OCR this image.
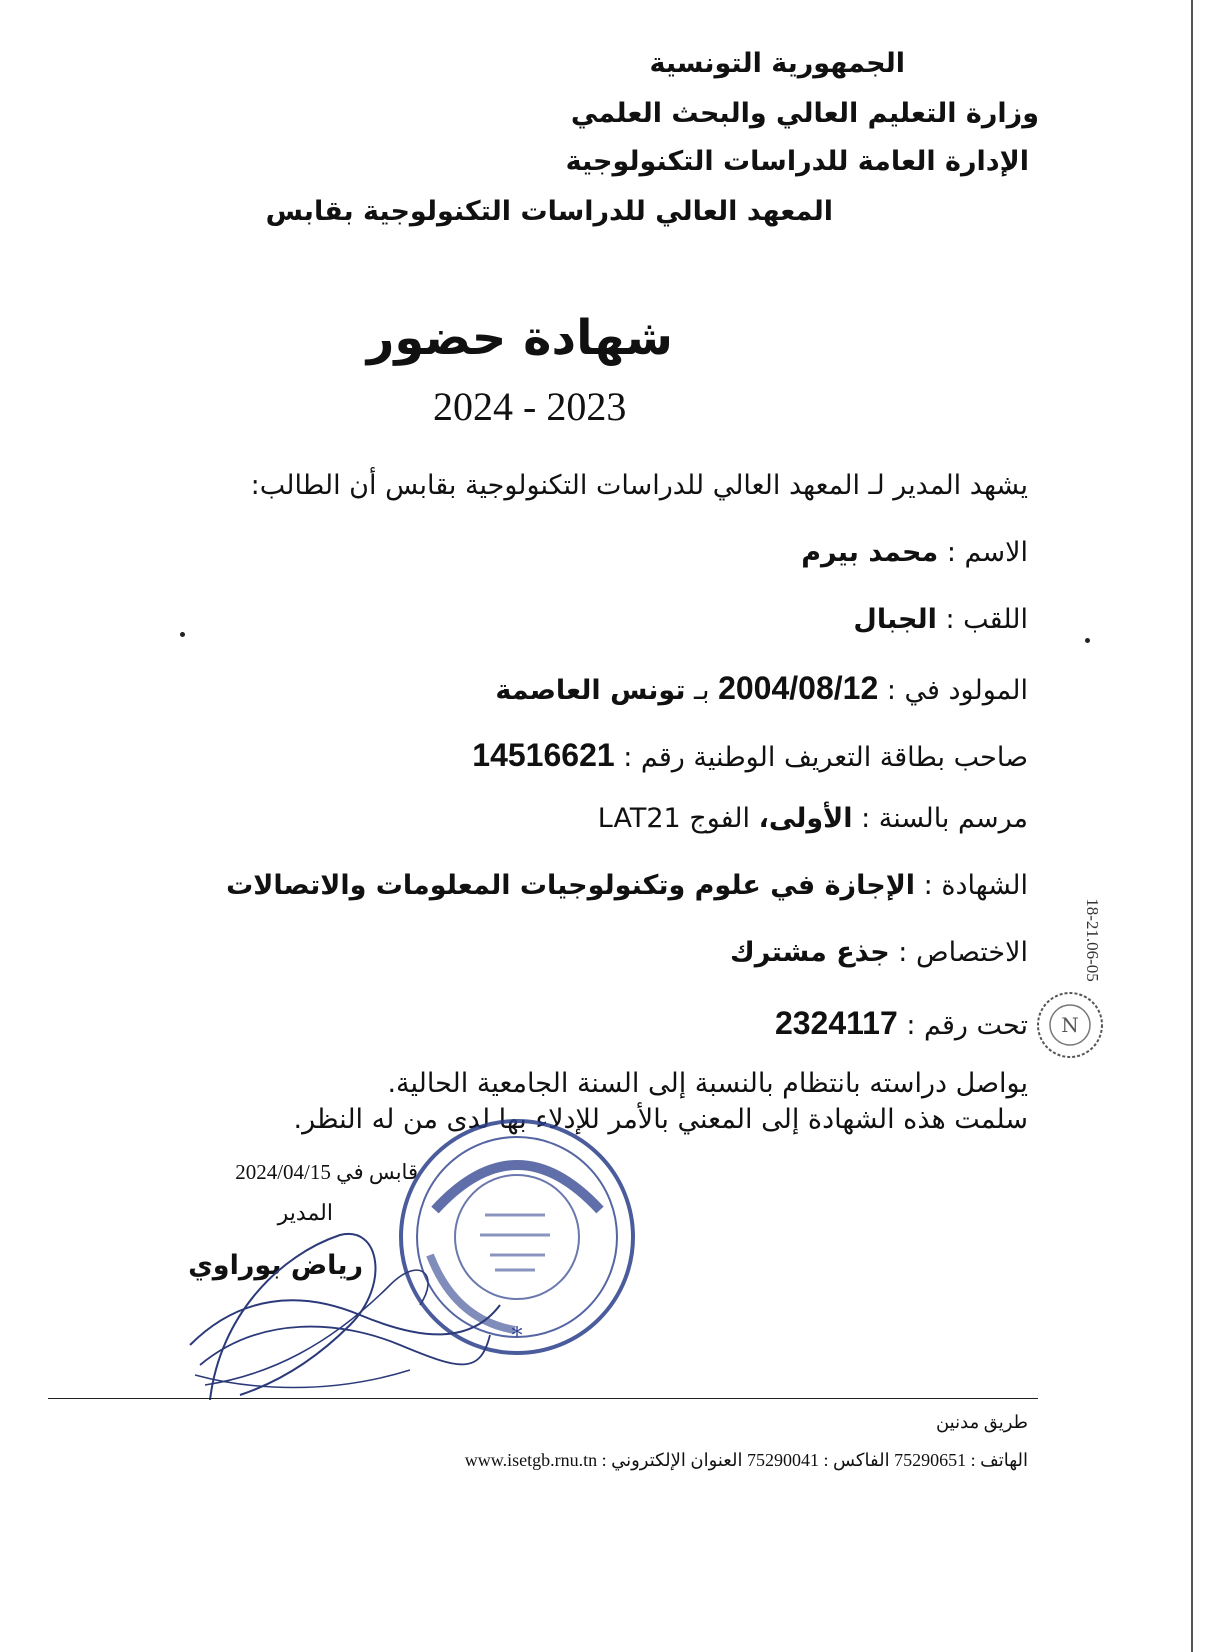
الجمهورية التونسية
وزارة التعليم العالي والبحث العلمي
الإدارة العامة للدراسات التكنولوجية
المعهد العالي للدراسات التكنولوجية بقابس
شهادة حضور
2024 - 2023
يشهد المدير لـ المعهد العالي للدراسات التكنولوجية بقابس أن الطالب:
الاسم : محمد بيرم
اللقب : الجبال
المولود في : 2004/08/12 بـ تونس العاصمة
صاحب بطاقة التعريف الوطنية رقم : 14516621
مرسم بالسنة : الأولى، الفوج LAT21
الشهادة : الإجازة في علوم وتكنولوجيات المعلومات والاتصالات
الاختصاص : جذع مشترك
تحت رقم : 2324117
يواصل دراسته بانتظام بالنسبة إلى السنة الجامعية الحالية.
سلمت هذه الشهادة إلى المعني بالأمر للإدلاء بها لدى من له النظر.
قابس في 2024/04/15
المدير
رياض بوراوي
*
N
18-21.06-05
طريق مدنين
الهاتف : 75290651 الفاكس : 75290041 العنوان الإلكتروني : www.isetgb.rnu.tn
